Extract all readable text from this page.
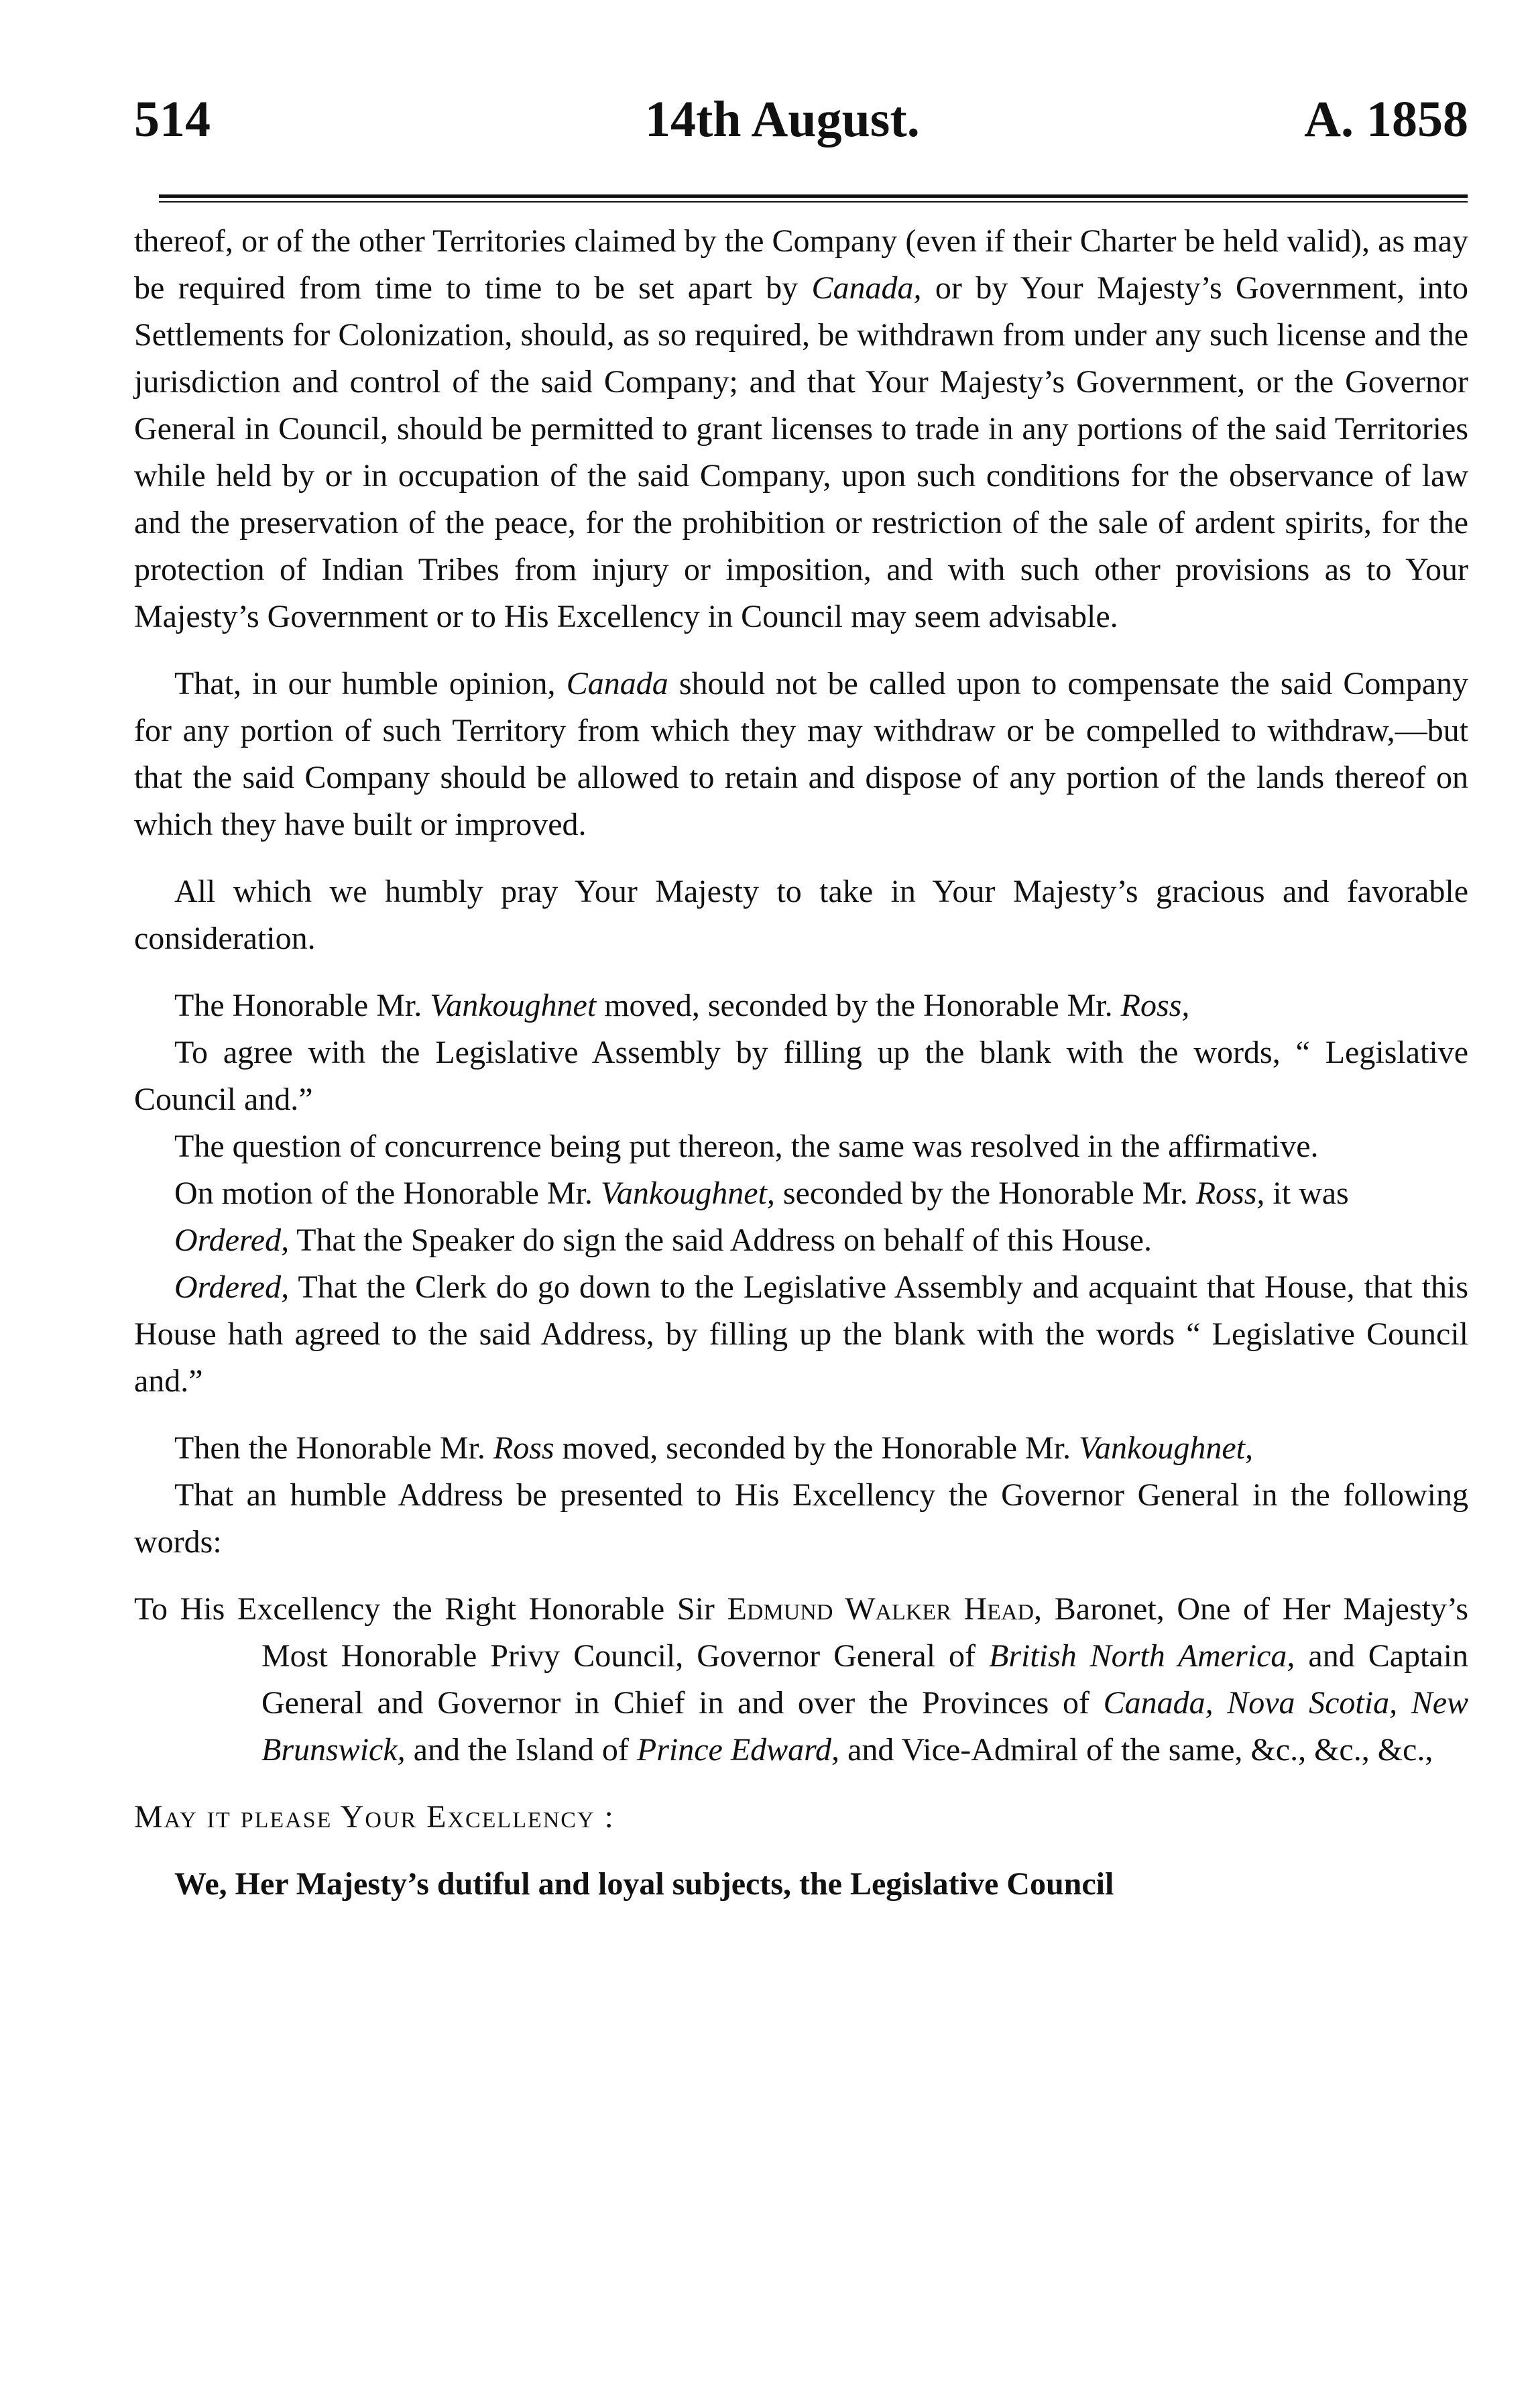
514	14th August.	A. 1858

thereof, or of the other Territories claimed by the Company (even if their Charter be held valid), as may be required from time to time to be set apart by Canada, or by Your Majesty’s Government, into Settlements for Colonization, should, as so required, be withdrawn from under any such license and the jurisdiction and control of the said Company; and that Your Majesty’s Government, or the Governor General in Council, should be permitted to grant licenses to trade in any portions of the said Territories while held by or in occupation of the said Company, upon such conditions for the observance of law and the preservation of the peace, for the prohibition or restriction of the sale of ardent spirits, for the protection of Indian Tribes from injury or imposition, and with such other provisions as to Your Majesty’s Government or to His Excellency in Council may seem advisable.

That, in our humble opinion, Canada should not be called upon to compensate the said Company for any portion of such Territory from which they may withdraw or be compelled to withdraw,—but that the said Company should be allowed to retain and dispose of any portion of the lands thereof on which they have built or improved.

All which we humbly pray Your Majesty to take in Your Majesty’s gracious and favorable consideration.

The Honorable Mr. Vankoughnet moved, seconded by the Honorable Mr. Ross,

To agree with the Legislative Assembly by filling up the blank with the words, “ Legislative Council and.”

The question of concurrence being put thereon, the same was resolved in the affirmative.

On motion of the Honorable Mr. Vankoughnet, seconded by the Honorable Mr. Ross, it was

Ordered, That the Speaker do sign the said Address on behalf of this House.

Ordered, That the Clerk do go down to the Legislative Assembly and acquaint that House, that this House hath agreed to the said Address, by filling up the blank with the words “ Legislative Council and.”

Then the Honorable Mr. Ross moved, seconded by the Honorable Mr. Vankoughnet,

That an humble Address be presented to His Excellency the Governor General in the following words:

To His Excellency the Right Honorable Sir Edmund Walker Head, Baronet, One of Her Majesty’s Most Honorable Privy Council, Governor General of British North America, and Captain General and Governor in Chief in and over the Provinces of Canada, Nova Scotia, New Brunswick, and the Island of Prince Edward, and Vice-Admiral of the same, &c., &c., &c.,

May it please Your Excellency :

We, Her Majesty’s dutiful and loyal subjects, the Legislative Council
